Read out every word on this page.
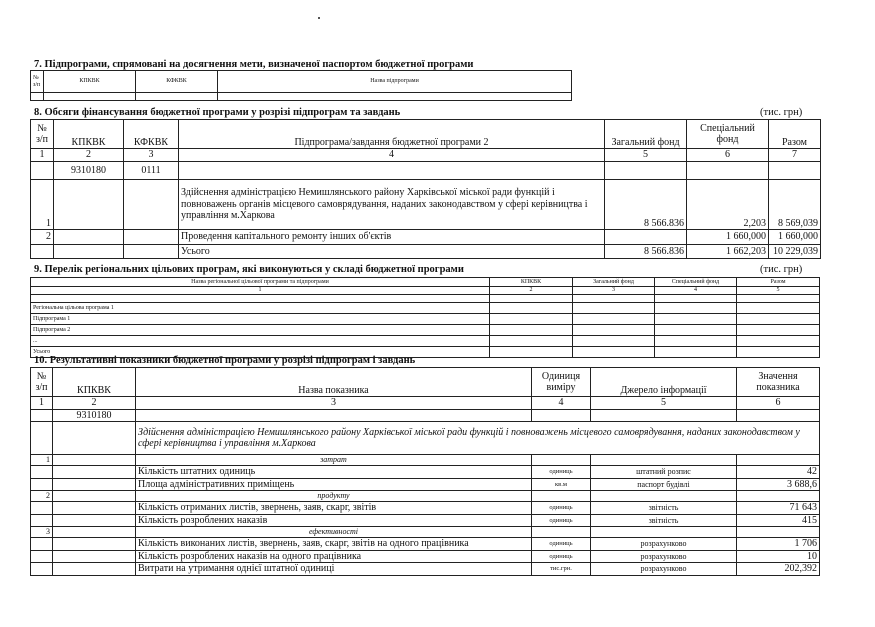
7. Підпрограми, спрямовані на досягнення мети, визначеної паспортом бюджетної програми
№ з/п	КПКВК	КФКВК	Назва підпрограми

8. Обсяги фінансування бюджетної програми у розрізі підпрограм та завдань	(тис. грн)
№ з/п	КПКВК	КФКВК	Підпрограма/завдання бюджетної програми 2	Загальний фонд	Спеціальний фонд	Разом
1	2	3	4	5	6	7
	9310180	0111				
1			Здійснення адміністрацією Немишлянського району Харківської міської ради функцій і повноважень органів місцевого самоврядування, наданих законодавством у сфері керівництва і управління м.Харкова	8 566.836	2,203	8 569,039
2			Проведення капітального ремонту інших об'єктів		1 660,000	1 660,000
			Усього	8 566.836	1 662,203	10 229,039
9. Перелік регіональних цільових програм, які виконуються у складі бюджетної програми	(тис. грн)
Назва регіональної цільової програми та підпрограми	КПКВК	Загальний фонд	Спеціальний фонд	Разом
1	2	3	4	5

Регіональна цільова програма 1				
Підпрограма 1				
Підпрограма 2				
...				
Усього				
10. Результативні показники бюджетної програми у розрізі підпрограм і завдань
№ з/п	КПКВК	Назва показника	Одиниця виміру	Джерело інформації	Значення показника
1	2	3	4	5	6
	9310180				
		Здійснення адміністрацією Немишлянського району Харківської міської ради функцій і повноважень місцевого самоврядування, наданих законодавством у сфері керівництва і управління м.Харкова			
1		затрат			
		Кількість штатних одиниць	одиниць	штатний розпис	42
		Площа адміністративних приміщень	кв.м	паспорт будівлі	3 688,6
2		продукту			
		Кількість отриманих листів, звернень, заяв, скарг, звітів	одиниць	звітність	71 643
		Кількість розроблених наказів	одиниць	звітність	415
3		ефективності			
		Кількість виконаних листів, звернень, заяв, скарг, звітів на одного працівника	одиниць	розрахунково	1 706
		Кількість розроблених наказів на одного працівника	одиниць	розрахунково	10
		Витрати на утримання однієї штатної одиниці	тис.грн.	розрахунково	202,392
